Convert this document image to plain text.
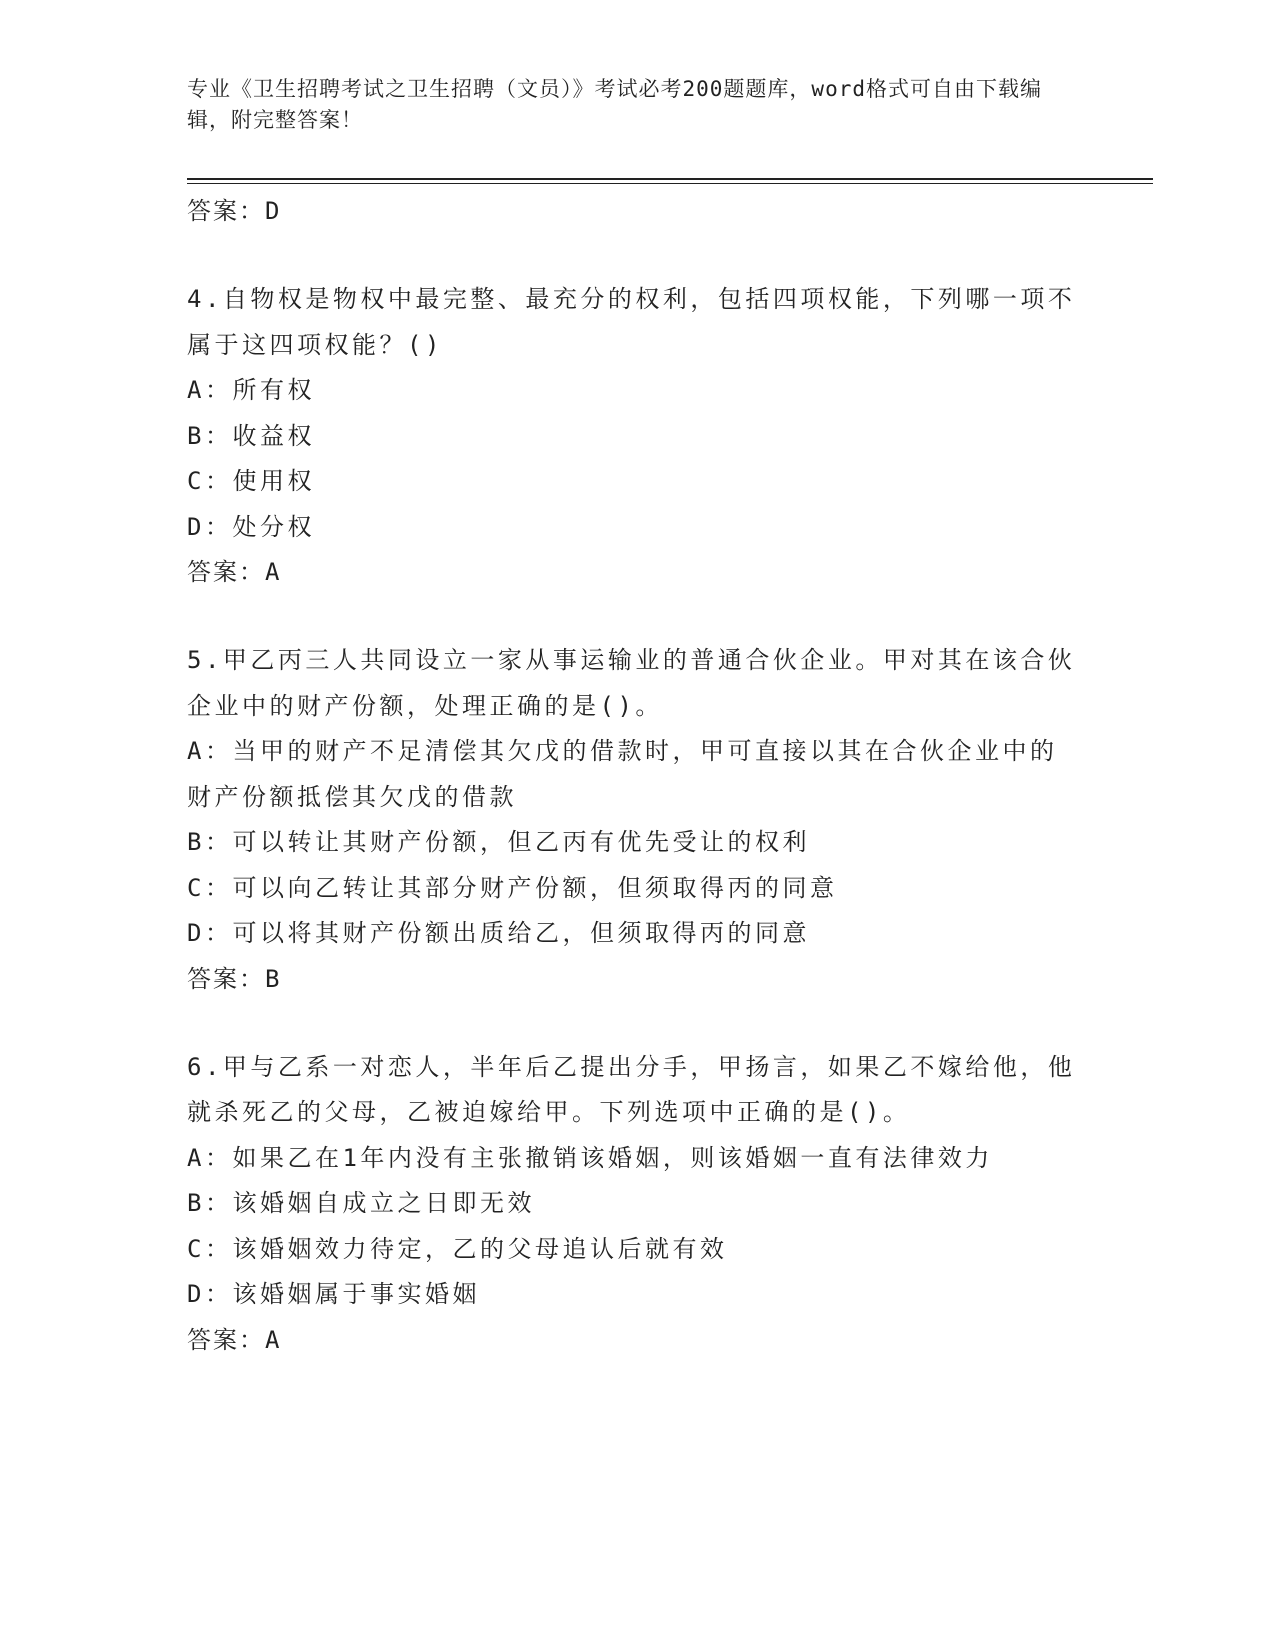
专业《卫生招聘考试之卫生招聘（文员）》考试必考200题题库，word格式可自由下载编辑，附完整答案！
答案：D
4.自物权是物权中最完整、最充分的权利，包括四项权能，下列哪一项不属于这四项权能？()
A：所有权
B：收益权
C：使用权
D：处分权
答案：A
5.甲乙丙三人共同设立一家从事运输业的普通合伙企业。甲对其在该合伙企业中的财产份额，处理正确的是()。
A：当甲的财产不足清偿其欠戊的借款时，甲可直接以其在合伙企业中的财产份额抵偿其欠戊的借款
B：可以转让其财产份额，但乙丙有优先受让的权利
C：可以向乙转让其部分财产份额，但须取得丙的同意
D：可以将其财产份额出质给乙，但须取得丙的同意
答案：B
6.甲与乙系一对恋人，半年后乙提出分手，甲扬言，如果乙不嫁给他，他就杀死乙的父母，乙被迫嫁给甲。下列选项中正确的是()。
A：如果乙在1年内没有主张撤销该婚姻，则该婚姻一直有法律效力
B：该婚姻自成立之日即无效
C：该婚姻效力待定，乙的父母追认后就有效
D：该婚姻属于事实婚姻
答案：A
